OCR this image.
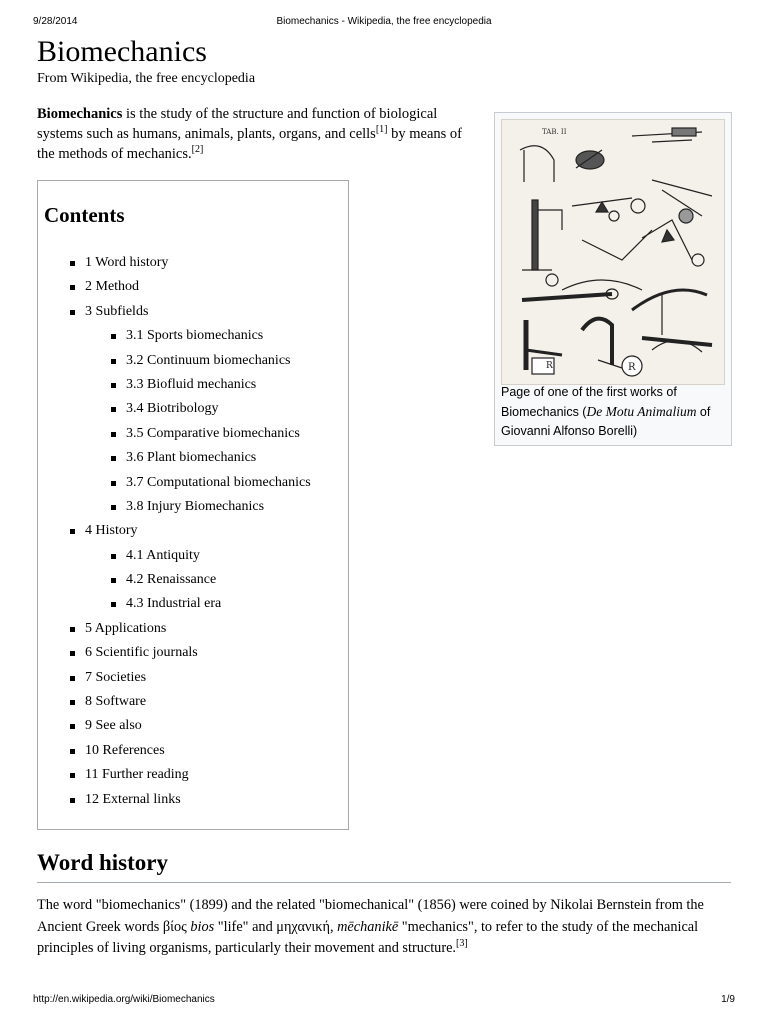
9/28/2014	Biomechanics - Wikipedia, the free encyclopedia
Biomechanics
From Wikipedia, the free encyclopedia

Biomechanics is the study of the structure and function of biological systems such as humans, animals, plants, organs, and cells[1] by means of the methods of mechanics.[2]

Contents
1 Word history
2 Method
3 Subfields
3.1 Sports biomechanics
3.2 Continuum biomechanics
3.3 Biofluid mechanics
3.4 Biotribology
3.5 Comparative biomechanics
3.6 Plant biomechanics
3.7 Computational biomechanics
3.8 Injury Biomechanics
4 History
4.1 Antiquity
4.2 Renaissance
4.3 Industrial era
5 Applications
6 Scientific journals
7 Societies
8 Software
9 See also
10 References
11 Further reading
12 External links
R	R
TAB. II
Page of one of the first works of Biomechanics (De Motu Animalium of Giovanni Alfonso Borelli)
Word history

The word "biomechanics" (1899) and the related "biomechanical" (1856) were coined by Nikolai Bernstein from the Ancient Greek words βίος bios "life" and μηχανική, mēchanikē "mechanics", to refer to the study of the mechanical principles of living organisms, particularly their movement and structure.[3]

http://en.wikipedia.org/wiki/Biomechanics	1/9
